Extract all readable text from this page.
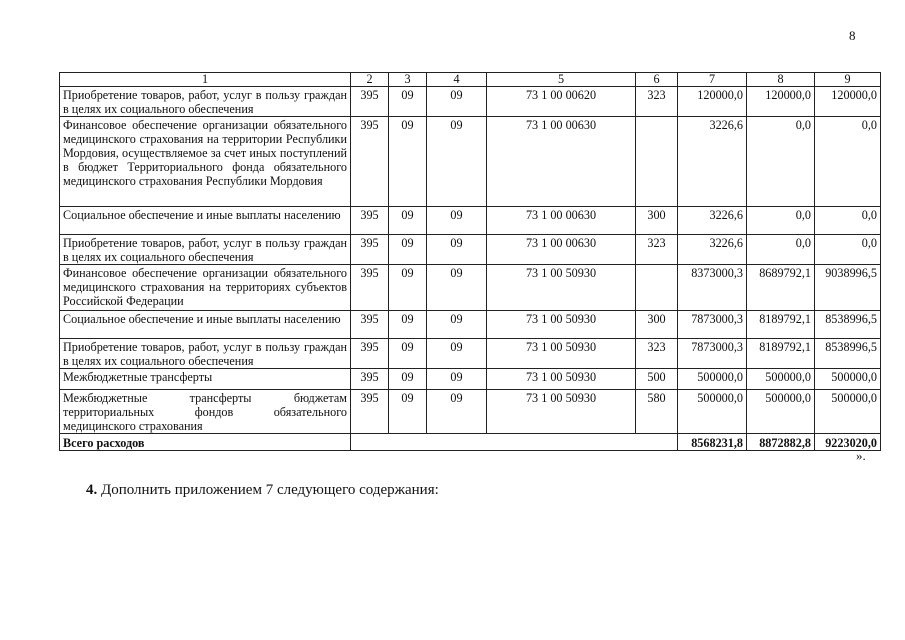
8
1	2	3	4	5	6	7	8	9
Приобретение товаров, работ, услуг в пользу граждан в целях их социального обеспечения	395	09	09	73 1 00 00620	323	120000,0	120000,0	120000,0
Финансовое обеспечение организации обязательного медицинского страхования на территории Республики Мордовия, осуществляемое за счет иных поступлений в бюджет Территориального фонда обязательного медицинского страхования Республики Мордовия	395	09	09	73 1 00 00630		3226,6	0,0	0,0
Социальное обеспечение и иные выплаты населению	395	09	09	73 1 00 00630	300	3226,6	0,0	0,0
Приобретение товаров, работ, услуг в пользу граждан в целях их социального обеспечения	395	09	09	73 1 00 00630	323	3226,6	0,0	0,0
Финансовое обеспечение организации обязательного медицинского страхования на территориях субъектов Российской Федерации	395	09	09	73 1 00 50930		8373000,3	8689792,1	9038996,5
Социальное обеспечение и иные выплаты населению	395	09	09	73 1 00 50930	300	7873000,3	8189792,1	8538996,5
Приобретение товаров, работ, услуг в пользу граждан в целях их социального обеспечения	395	09	09	73 1 00 50930	323	7873000,3	8189792,1	8538996,5
Межбюджетные трансферты	395	09	09	73 1 00 50930	500	500000,0	500000,0	500000,0
Межбюджетные трансферты бюджетам территориальных фондов обязательного медицинского страхования	395	09	09	73 1 00 50930	580	500000,0	500000,0	500000,0
Всего расходов						8568231,8	8872882,8	9223020,0
».
4. Дополнить приложением 7 следующего содержания:
